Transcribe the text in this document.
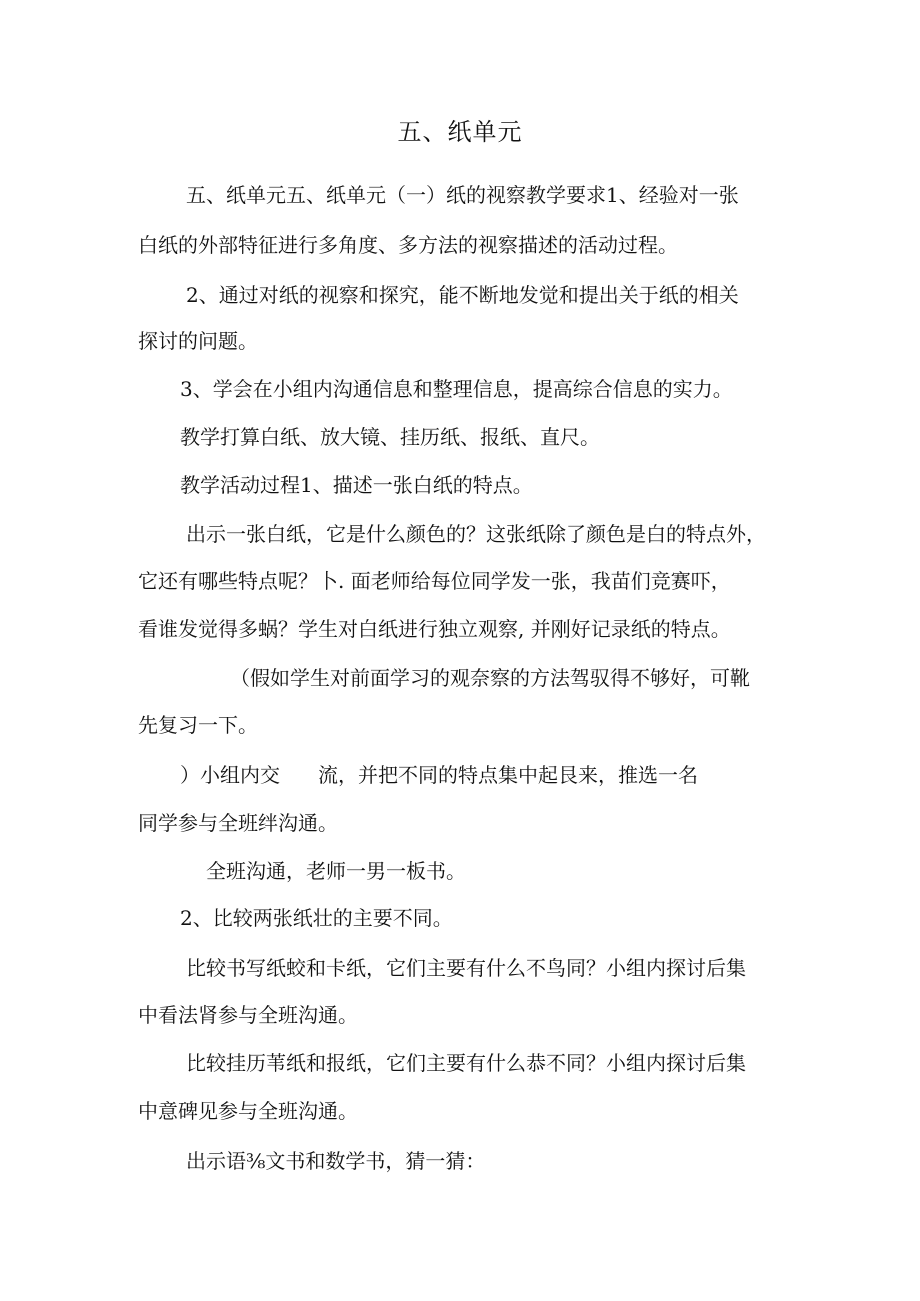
五、纸单元
五、纸单元五、纸单元（一）纸的视察教学要求1、经验对一张
白纸的外部特征进行多角度、多方法的视察描述的活动过程。
2、通过对纸的视察和探究，能不断地发觉和提出关于纸的相关
探讨的问题。
3、学会在小组内沟通信息和整理信息，提高综合信息的实力。
教学打算白纸、放大镜、挂历纸、报纸、直尺。
教学活动过程1、描述一张白纸的特点。
出示一张白纸，它是什么颜色的？这张纸除了颜色是白的特点外，
它还有哪些特点呢？卜. 面老师给每位同学发一张，我苗们竞赛吓，
看谁发觉得多蜗？学生对白纸进行独立观察, 并刚好记录纸的特点。
（假如学生对前面学习的观奈察的方法驾驭得不够好，可靴
先复习一下。
）小组内交 流，并把不同的特点集中起艮来，推选一名
同学参与全班绊沟通。
全班沟通，老师一男一板书。
2、比较两张纸壮的主要不同。
比较书写纸蛟和卡纸，它们主要有什么不鸟同？小组内探讨后集
中看法肾参与全班沟通。
比较挂历苇纸和报纸，它们主要有什么恭不同？小组内探讨后集
中意碑见参与全班沟通。
出示语⅜文书和数学书，猜一猜：
